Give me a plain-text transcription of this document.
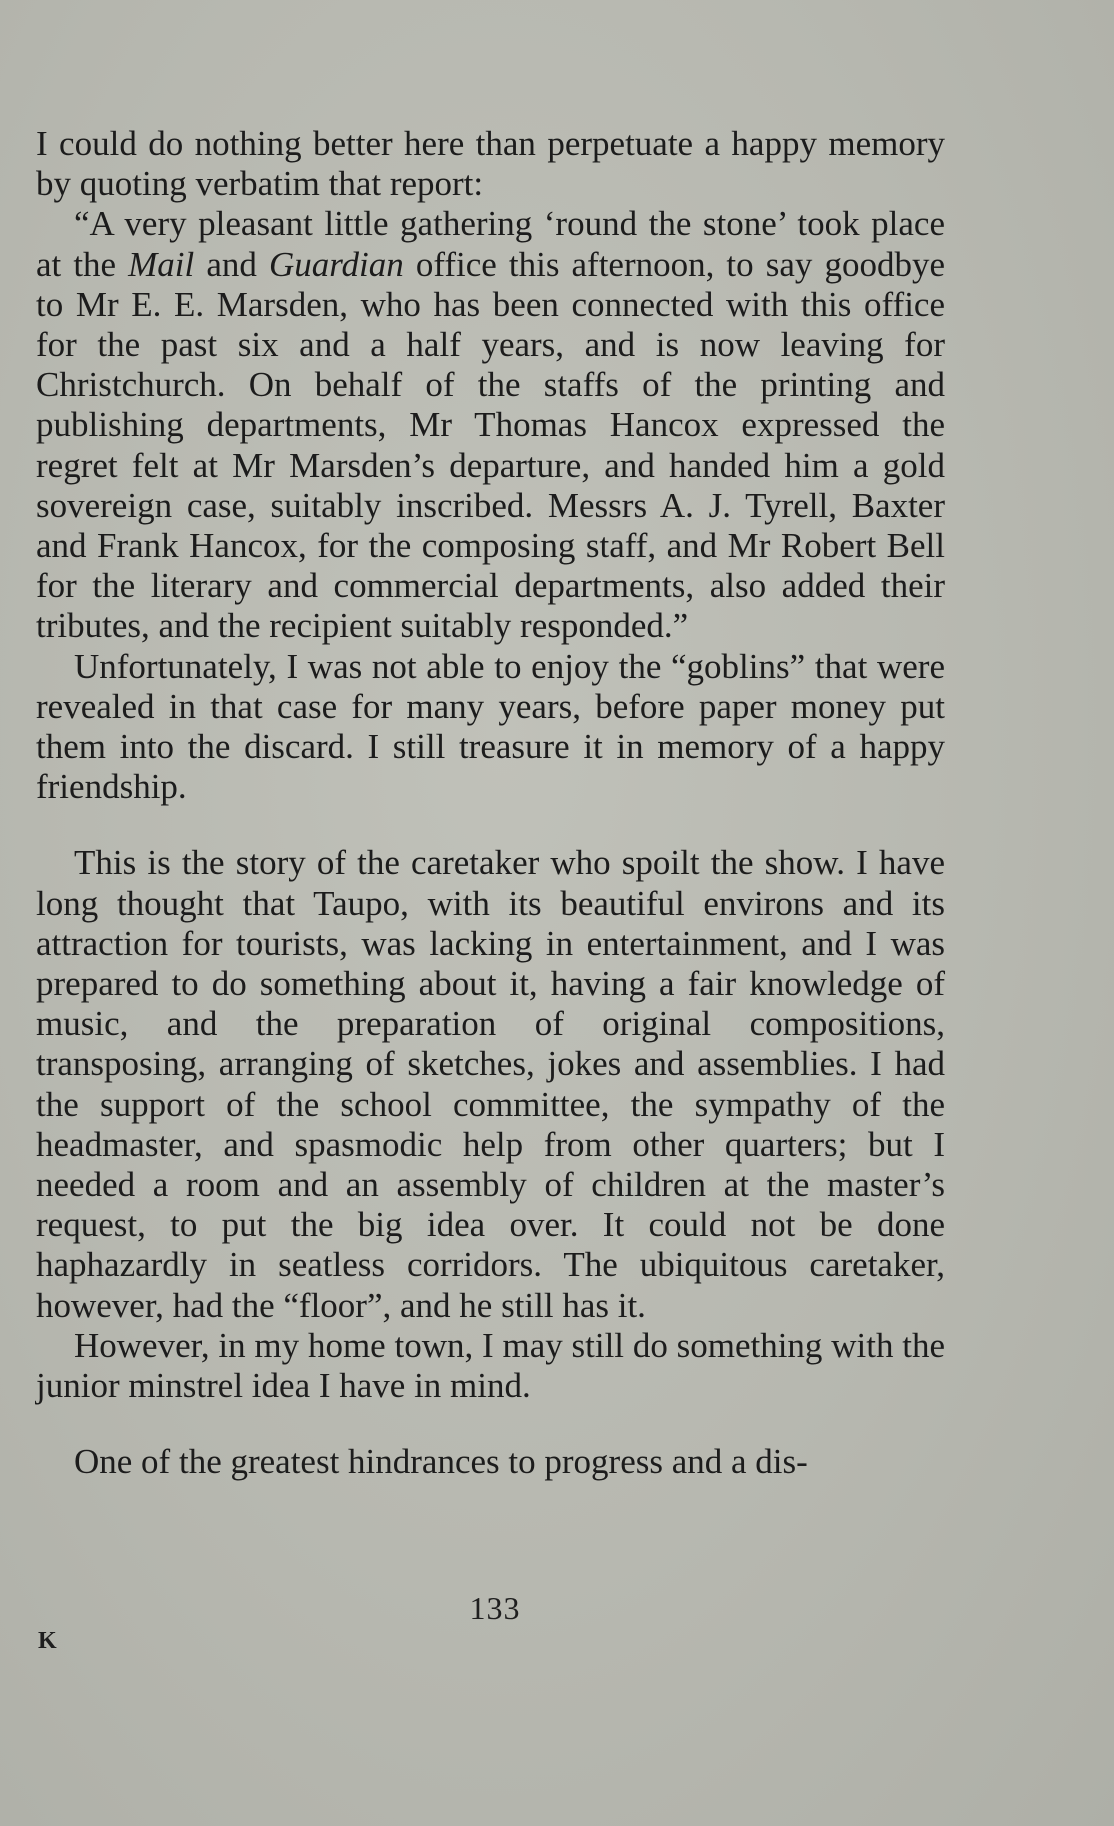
I could do nothing better here than perpetuate a happy memory by quoting verbatim that report:

“A very pleasant little gathering ‘round the stone’ took place at the Mail and Guardian office this afternoon, to say goodbye to Mr E. E. Marsden, who has been connected with this office for the past six and a half years, and is now leaving for Christchurch. On behalf of the staffs of the printing and publishing departments, Mr Thomas Hancox expressed the regret felt at Mr Marsden’s departure, and handed him a gold sovereign case, suitably inscribed. Messrs A. J. Tyrell, Baxter and Frank Hancox, for the composing staff, and Mr Robert Bell for the literary and commercial departments, also added their tributes, and the recipient suitably responded.”

Unfortunately, I was not able to enjoy the “goblins” that were revealed in that case for many years, before paper money put them into the discard. I still treasure it in memory of a happy friendship.

This is the story of the caretaker who spoilt the show. I have long thought that Taupo, with its beautiful environs and its attraction for tourists, was lacking in entertainment, and I was prepared to do something about it, having a fair knowledge of music, and the preparation of original compositions, transposing, arranging of sketches, jokes and assemblies. I had the support of the school committee, the sympathy of the headmaster, and spasmodic help from other quarters; but I needed a room and an assembly of children at the master’s request, to put the big idea over. It could not be done haphazardly in seatless corridors. The ubiquitous caretaker, however, had the “floor”, and he still has it.

However, in my home town, I may still do something with the junior minstrel idea I have in mind.

One of the greatest hindrances to progress and a dis-

133
K
